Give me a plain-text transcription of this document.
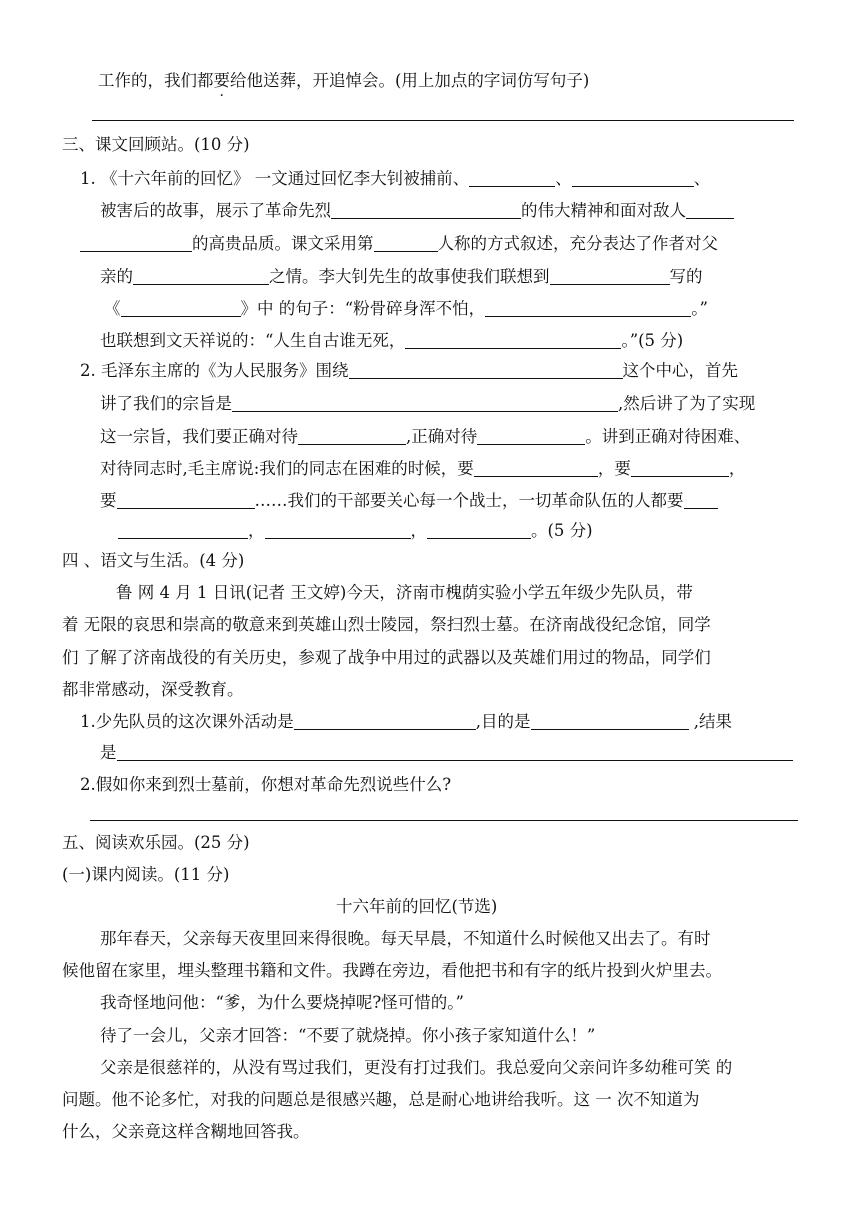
工作的，我们都要给他送葬，开追悼会。(用上加点的字词仿写句子)
三、课文回顾站。(10 分)
1. 《十六年前的回忆》 一文通过回忆李大钊被捕前、	、	、
被害后的故事，展示了革命先烈	的伟大精神和面对敌人
的高贵品质。课文采用第	人称的方式叙述，充分表达了作者对父
亲的	之情。李大钊先生的故事使我们联想到	写的
《	》中 的句子：“粉骨碎身浑不怕，	。”
也联想到文天祥说的：“人生自古谁无死，	。”(5 分)
2. 毛泽东主席的《为人民服务》围绕	这个中心，首先
讲了我们的宗旨是	,然后讲了为了实现
这一宗旨，我们要正确对待	,正确对待	。讲到正确对待困难、
对待同志时,毛主席说:我们的同志在困难的时候，要	，要	，
要	……我们的干部要关心每一个战士，一切革命队伍的人都要
，	，	。(5 分)
四 、语文与生活。(4 分)
鲁 网 4 月 1 日讯(记者 王文婷)今天，济南市槐荫实验小学五年级少先队员，带
着 无限的哀思和崇高的敬意来到英雄山烈士陵园，祭扫烈士墓。在济南战役纪念馆，同学
们 了解了济南战役的有关历史，参观了战争中用过的武器以及英雄们用过的物品，同学们
都非常感动，深受教育。
1.少先队员的这次课外活动是	,目的是	,结果
是
2.假如你来到烈士墓前，你想对革命先烈说些什么?
五、阅读欢乐园。(25 分)
(一)课内阅读。(11 分)
十六年前的回忆(节选)
那年春天，父亲每天夜里回来得很晚。每天早晨，不知道什么时候他又出去了。有时
候他留在家里，埋头整理书籍和文件。我蹲在旁边，看他把书和有字的纸片投到火炉里去。
我奇怪地问他：“爹，为什么要烧掉呢?怪可惜的。”
待了一会儿，父亲才回答：“不要了就烧掉。你小孩子家知道什么！”
父亲是很慈祥的，从没有骂过我们，更没有打过我们。我总爱向父亲问许多幼稚可笑 的
问题。他不论多忙，对我的问题总是很感兴趣，总是耐心地讲给我听。这 一 次不知道为
什么，父亲竟这样含糊地回答我。
